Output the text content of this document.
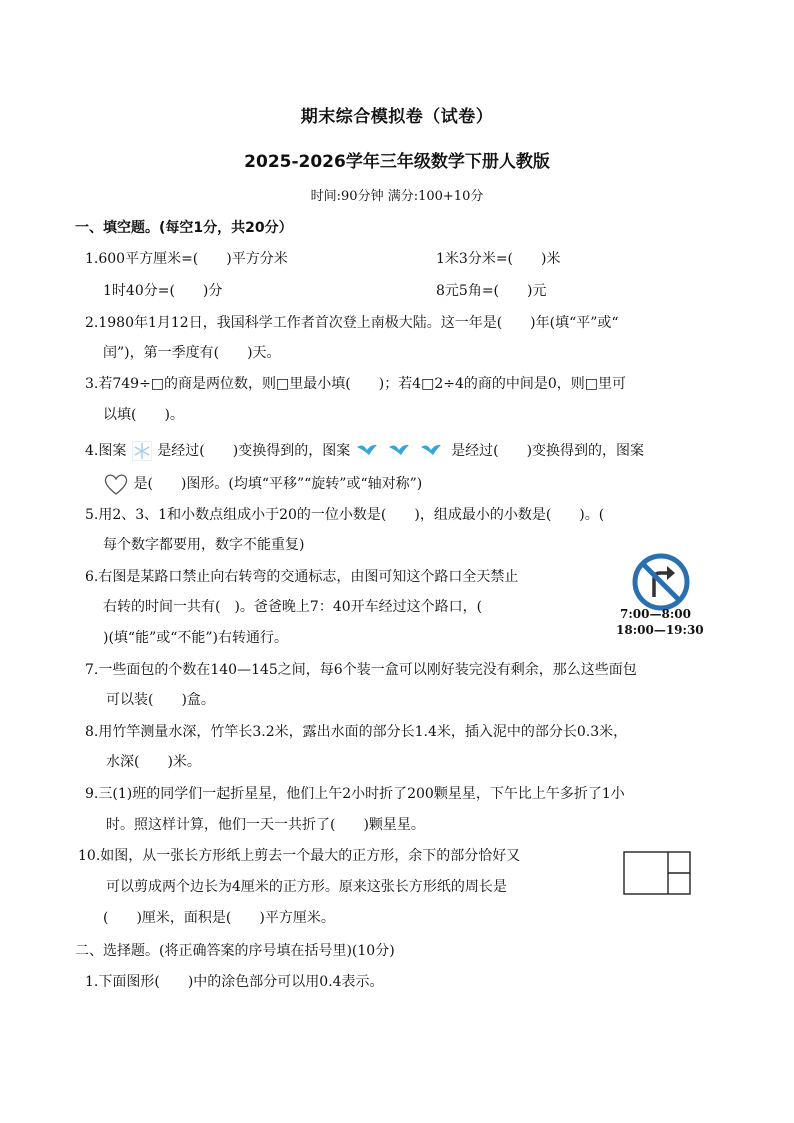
期末综合模拟卷（试卷）
2025-2026学年三年级数学下册人教版
时间:90分钟 满分:100+10分
一、填空题。(每空1分，共20分）
1.600平方厘米=(　　)平方分米	1米3分米=(　　)米
1时40分=(　　)分	8元5角=(　　)元
2.1980年1月12日，我国科学工作者首次登上南极大陆。这一年是(　　)年(填“平”或“
闰”)，第一季度有(　　)天。
3.若749÷□的商是两位数，则□里最小填(　　)；若4□2÷4的商的中间是0，则□里可
以填(　　)。
4.图案 是经过(　　)变换得到的，图案	是经过(　　)变换得到的，图案
是(　　)图形。(均填“平移”“旋转”或“轴对称”)
5.用2、3、1和小数点组成小于20的一位小数是(　　)，组成最小的小数是(　　)。(
每个数字都要用，数字不能重复)
6.右图是某路口禁止向右转弯的交通标志，由图可知这个路口全天禁止
右转的时间一共有(　)。爸爸晚上7：40开车经过这个路口，(
)(填“能”或“不能”)右转通行。
7:00—8:00
18:00—19:30
7.一些面包的个数在140—145之间，每6个装一盒可以刚好装完没有剩余，那么这些面包
可以装(　　)盒。
8.用竹竿测量水深，竹竿长3.2米，露出水面的部分长1.4米，插入泥中的部分长0.3米，
水深(　　)米。
9.三(1)班的同学们一起折星星，他们上午2小时折了200颗星星，下午比上午多折了1小
时。照这样计算，他们一天一共折了(　　)颗星星。
10.如图，从一张长方形纸上剪去一个最大的正方形，余下的部分恰好又
可以剪成两个边长为4厘米的正方形。原来这张长方形纸的周长是
(　　)厘米，面积是(　　)平方厘米。
二、选择题。(将正确答案的序号填在括号里)(10分)
1.下面图形(　　)中的涂色部分可以用0.4表示。
